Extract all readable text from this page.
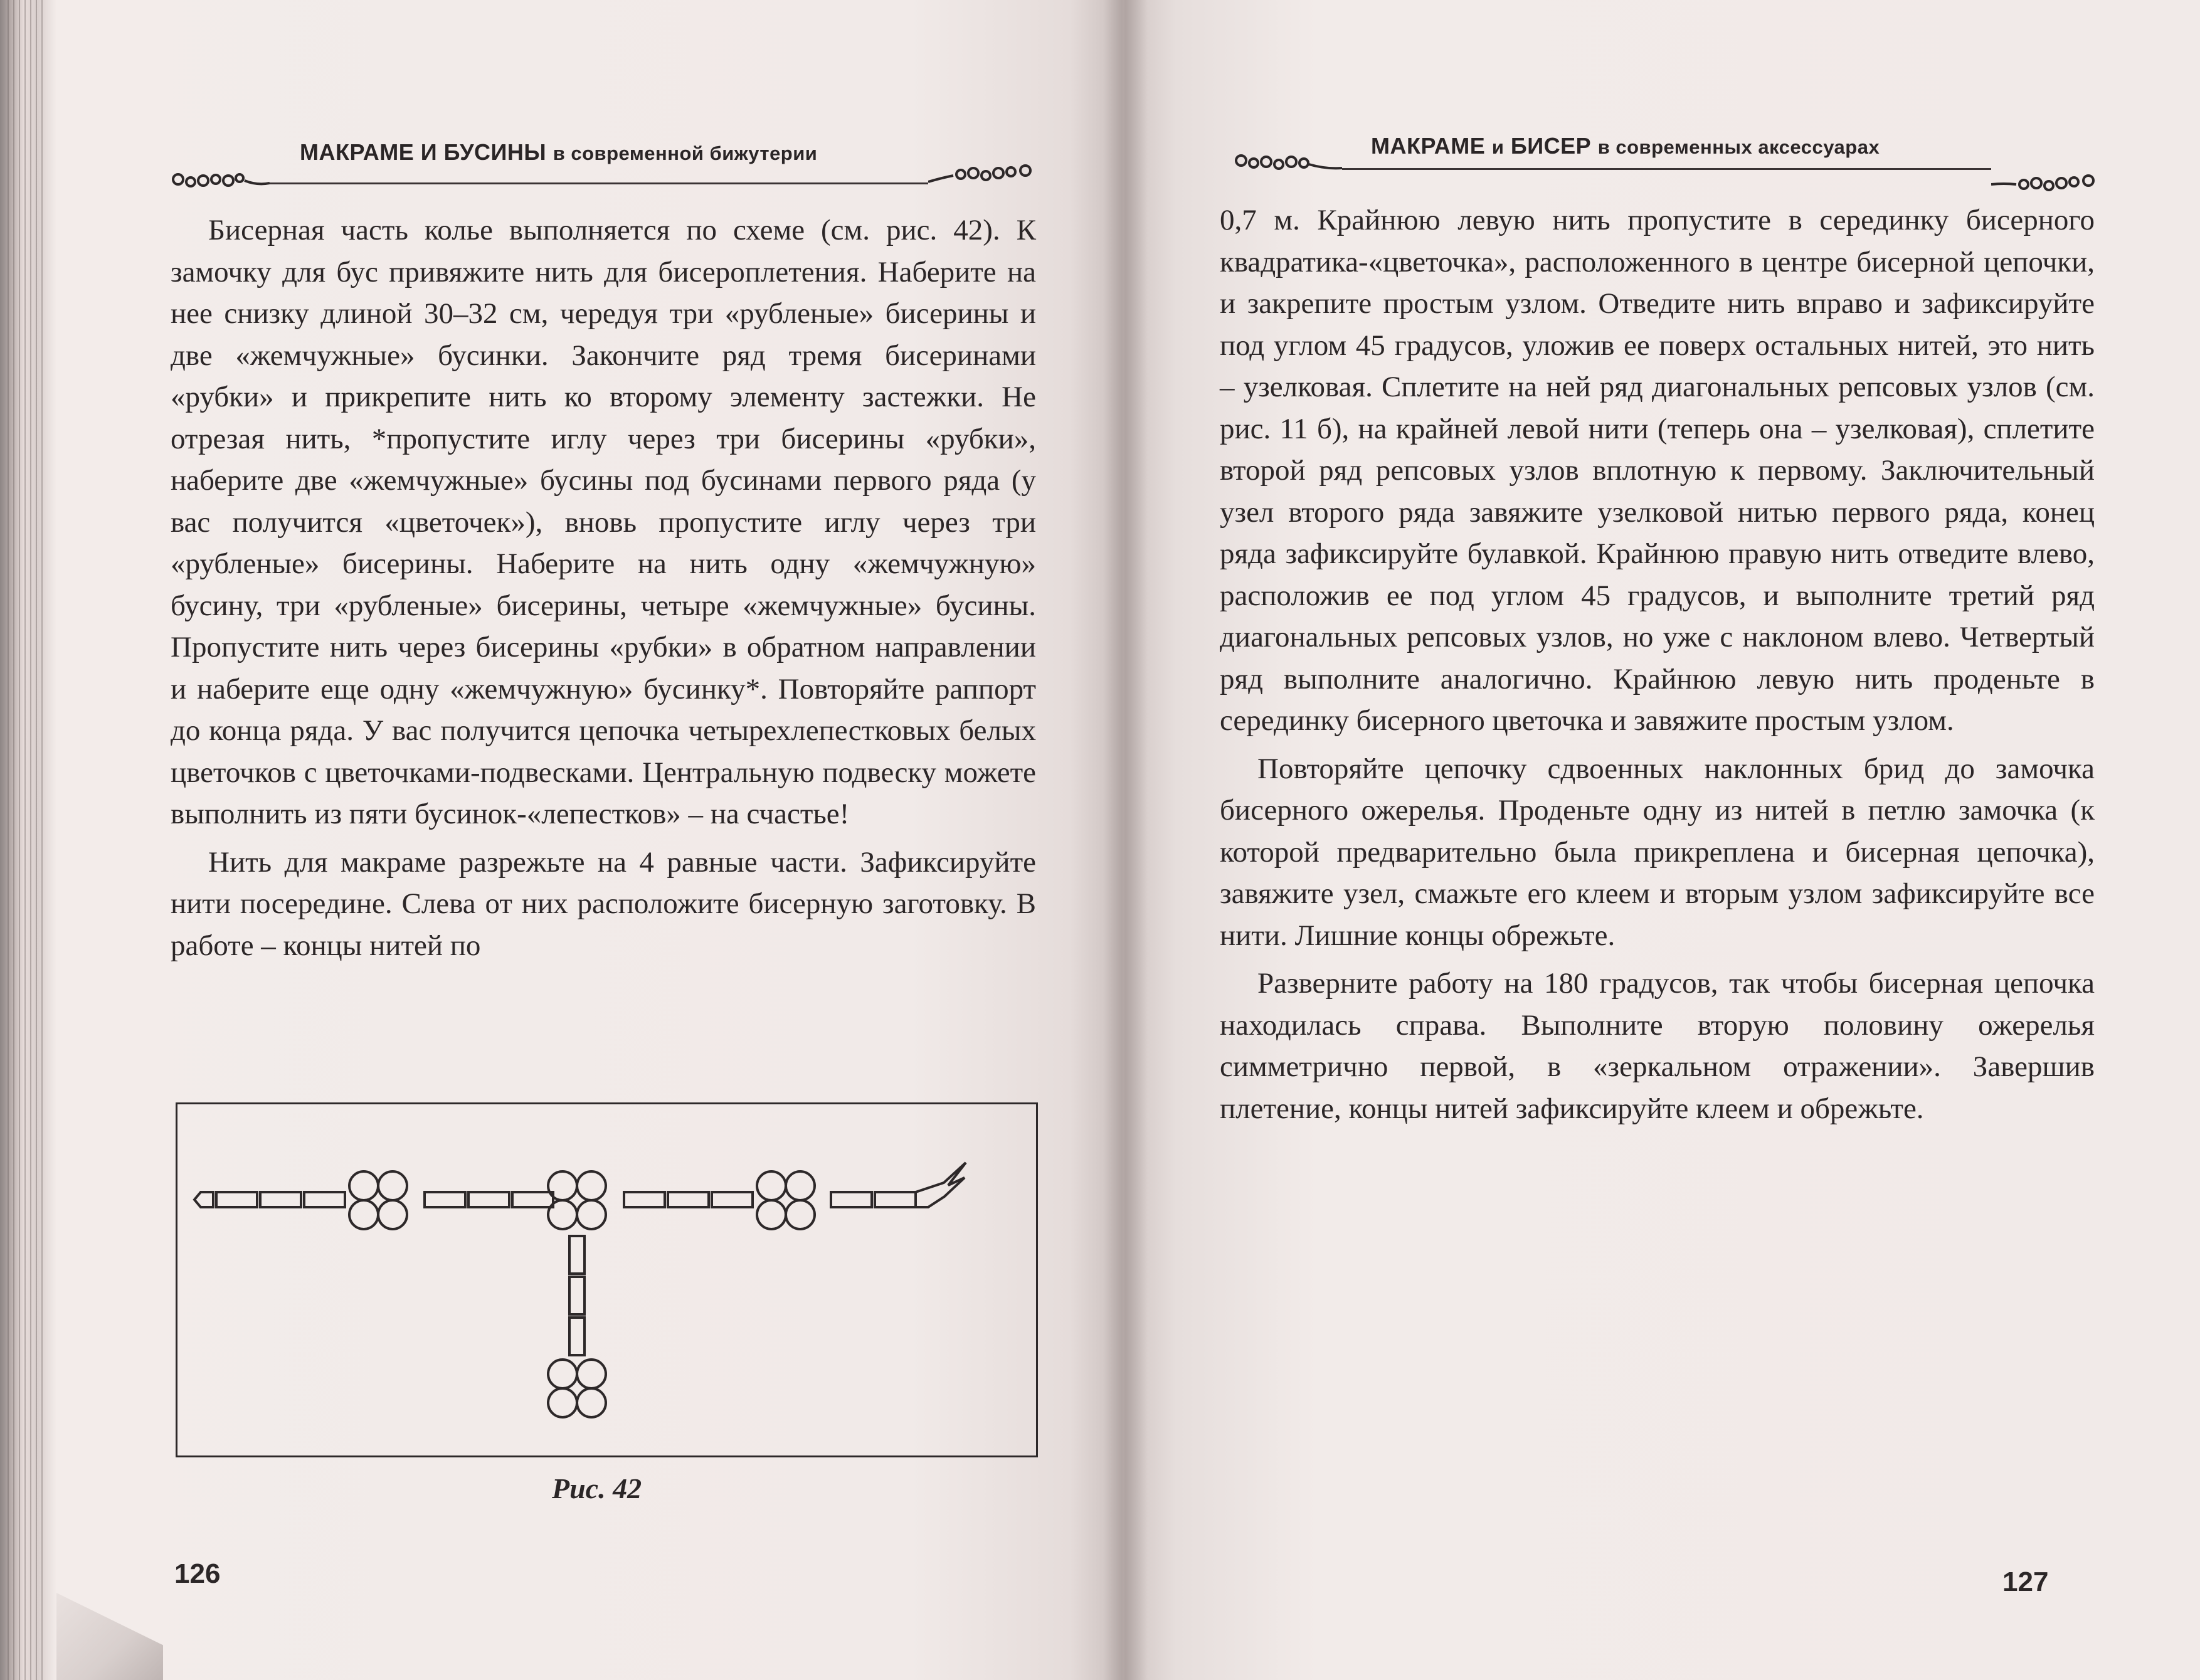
МАКРАМЕ И БУСИНЫ в современной бижутерии

Бисерная часть колье выполняется по схеме (см. рис. 42). К замочку для бус привяжите нить для бисероплетения. Наберите на нее снизку длиной 30–32 см, чередуя три «рубленые» бисерины и две «жемчужные» бусинки. Закончите ряд тремя бисеринами «рубки» и прикрепите нить ко второму элементу застежки. Не отрезая нить, *пропустите иглу через три бисерины «рубки», наберите две «жемчужные» бусины под бусинами первого ряда (у вас получится «цветочек»), вновь пропустите иглу через три «рубленые» бисерины. Наберите на нить одну «жемчужную» бусину, три «рубленые» бисерины, четыре «жемчужные» бусины. Пропустите нить через бисерины «рубки» в обратном направлении и наберите еще одну «жемчужную» бусинку*. Повторяйте раппорт до конца ряда. У вас получится цепочка четырехлепестковых белых цветочков с цветочками-подвесками. Центральную подвеску можете выполнить из пяти бусинок-«лепестков» – на счастье!

Нить для макраме разрежьте на 4 равные части. Зафиксируйте нити посередине. Слева от них расположите бисерную заготовку. В работе – концы нитей по

Рис. 42
126
МАКРАМЕ и БИСЕР в современных аксессуарах

0,7 м. Крайнюю левую нить пропустите в серединку бисерного квадратика-«цветочка», расположенного в центре бисерной цепочки, и закрепите простым узлом. Отведите нить вправо и зафиксируйте под углом 45 градусов, уложив ее поверх остальных нитей, это нить – узелковая. Сплетите на ней ряд диагональных репсовых узлов (см. рис. 11 б), на крайней левой нити (теперь она – узелковая), сплетите второй ряд репсовых узлов вплотную к первому. Заключительный узел второго ряда завяжите узелковой нитью первого ряда, конец ряда зафиксируйте булавкой. Крайнюю правую нить отведите влево, расположив ее под углом 45 градусов, и выполните третий ряд диагональных репсовых узлов, но уже с наклоном влево. Четвертый ряд выполните аналогично. Крайнюю левую нить проденьте в серединку бисерного цветочка и завяжите простым узлом.

Повторяйте цепочку сдвоенных наклонных брид до замочка бисерного ожерелья. Проденьте одну из нитей в петлю замочка (к которой предварительно была прикреплена и бисерная цепочка), завяжите узел, смажьте его клеем и вторым узлом зафиксируйте все нити. Лишние концы обрежьте.

Разверните работу на 180 градусов, так чтобы бисерная цепочка находилась справа. Выполните вторую половину ожерелья симметрично первой, в «зеркальном отражении». Завершив плетение, концы нитей зафиксируйте клеем и обрежьте.

127
